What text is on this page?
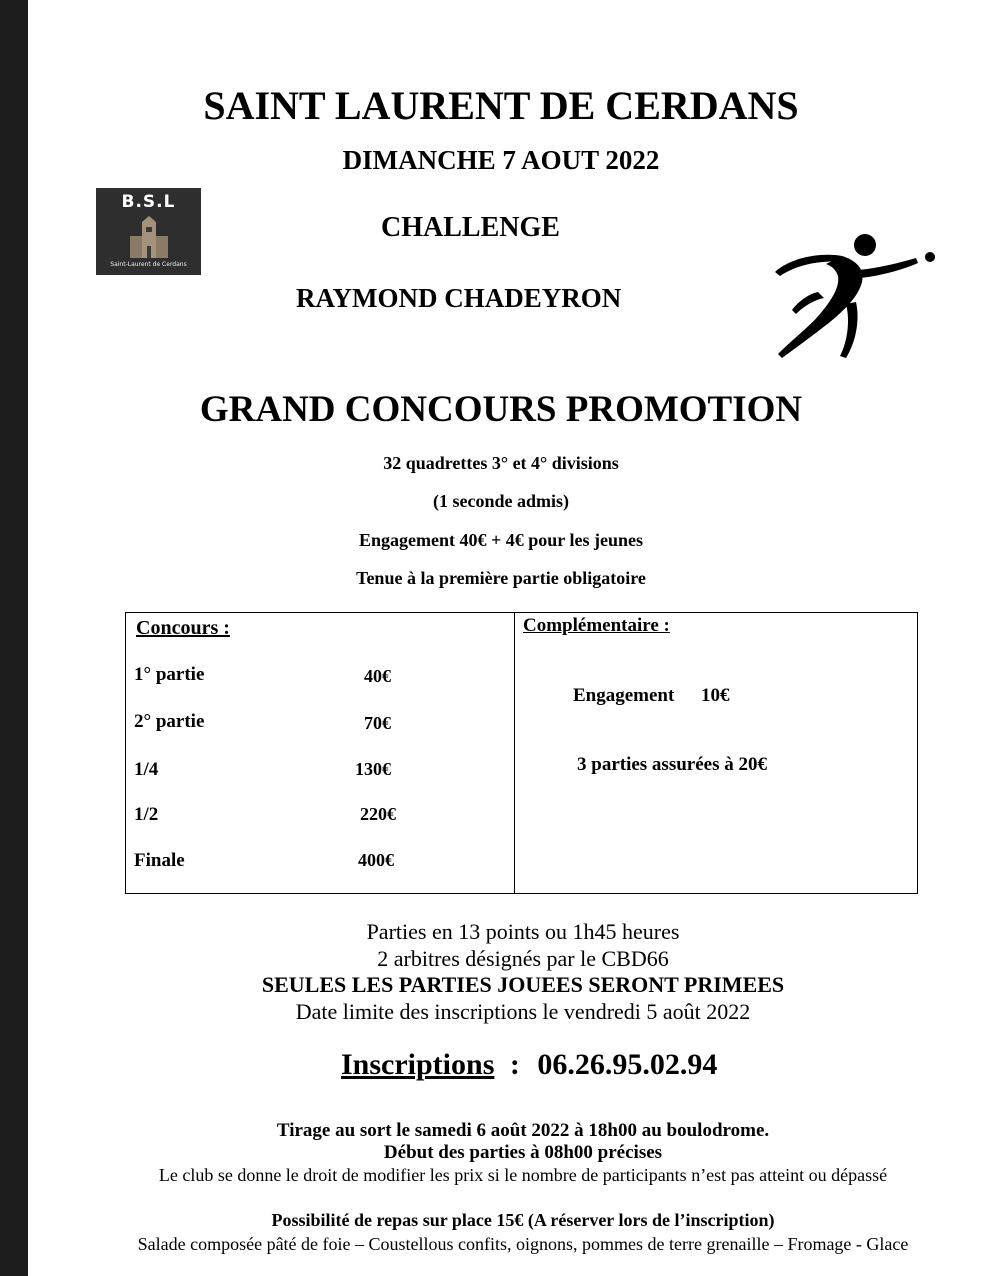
SAINT LAURENT DE CERDANS
DIMANCHE 7 AOUT 2022
CHALLENGE
RAYMOND CHADEYRON
B.S.L
Saint-Laurent de Cerdans
GRAND CONCOURS PROMOTION
32 quadrettes 3° et 4° divisions
(1 seconde admis)
Engagement 40€ + 4€ pour les jeunes
Tenue à la première partie obligatoire
Concours :
1° partie	40€
2° partie	70€
1/4	130€
1/2	220€
Finale	400€
Complémentaire :
Engagement 10€
3 parties assurées à 20€
Parties en 13 points ou 1h45 heures
2 arbitres désignés par le CBD66
SEULES LES PARTIES JOUEES SERONT PRIMEES
Date limite des inscriptions le vendredi 5 août 2022
Inscriptions : 06.26.95.02.94
Tirage au sort le samedi 6 août 2022 à 18h00 au boulodrome.
Début des parties à 08h00 précises
Le club se donne le droit de modifier les prix si le nombre de participants n’est pas atteint ou dépassé
Possibilité de repas sur place 15€ (A réserver lors de l’inscription)
Salade composée pâté de foie – Coustellous confits, oignons, pommes de terre grenaille – Fromage - Glace
